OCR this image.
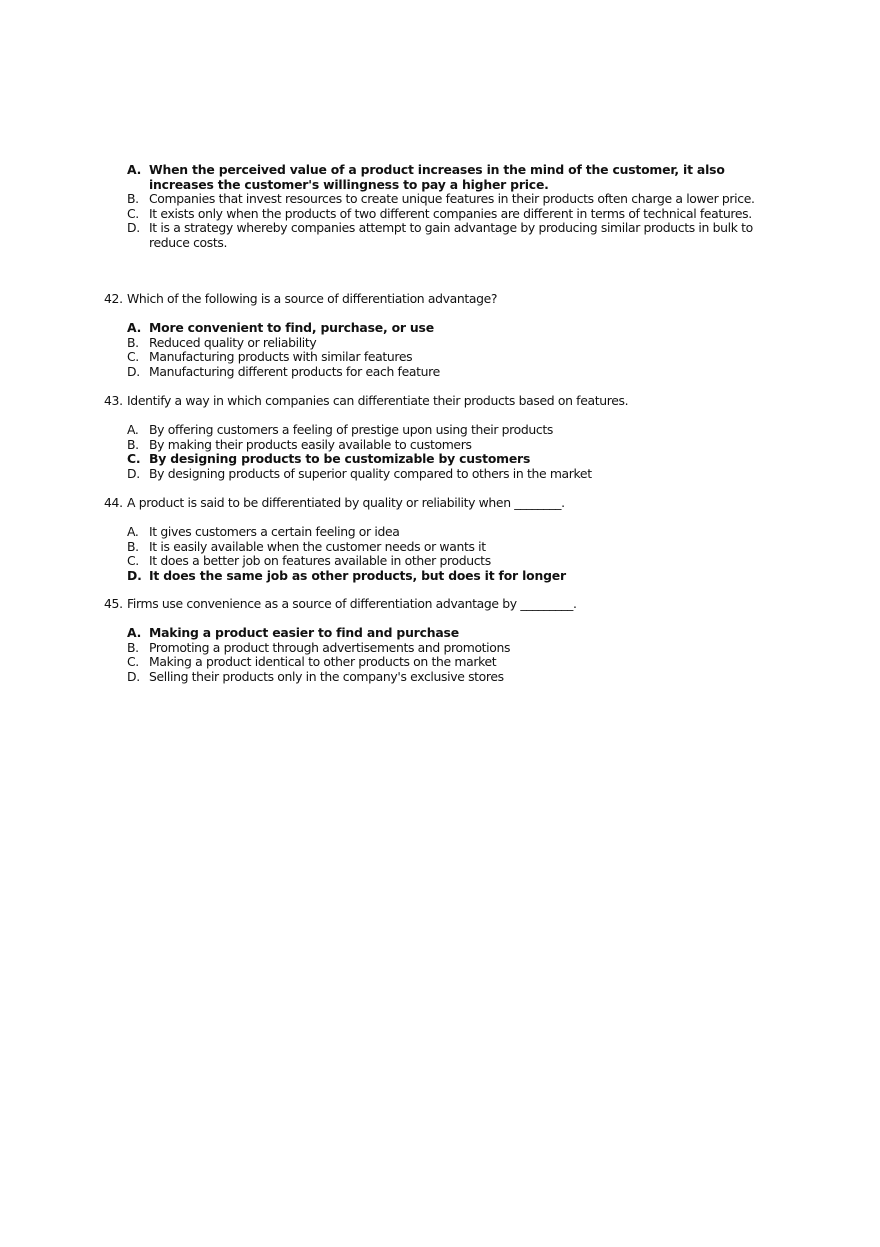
A. When the perceived value of a product increases in the mind of the customer, it also increases the customer's willingness to pay a higher price.
B. Companies that invest resources to create unique features in their products often charge a lower price.
C. It exists only when the products of two different companies are different in terms of technical features.
D. It is a strategy whereby companies attempt to gain advantage by producing similar products in bulk to reduce costs.
42. Which of the following is a source of differentiation advantage?
A. More convenient to find, purchase, or use
B. Reduced quality or reliability
C. Manufacturing products with similar features
D. Manufacturing different products for each feature
43. Identify a way in which companies can differentiate their products based on features.
A. By offering customers a feeling of prestige upon using their products
B. By making their products easily available to customers
C. By designing products to be customizable by customers
D. By designing products of superior quality compared to others in the market
44. A product is said to be differentiated by quality or reliability when ________.
A. It gives customers a certain feeling or idea
B. It is easily available when the customer needs or wants it
C. It does a better job on features available in other products
D. It does the same job as other products, but does it for longer
45. Firms use convenience as a source of differentiation advantage by _________.
A. Making a product easier to find and purchase
B. Promoting a product through advertisements and promotions
C. Making a product identical to other products on the market
D. Selling their products only in the company's exclusive stores
